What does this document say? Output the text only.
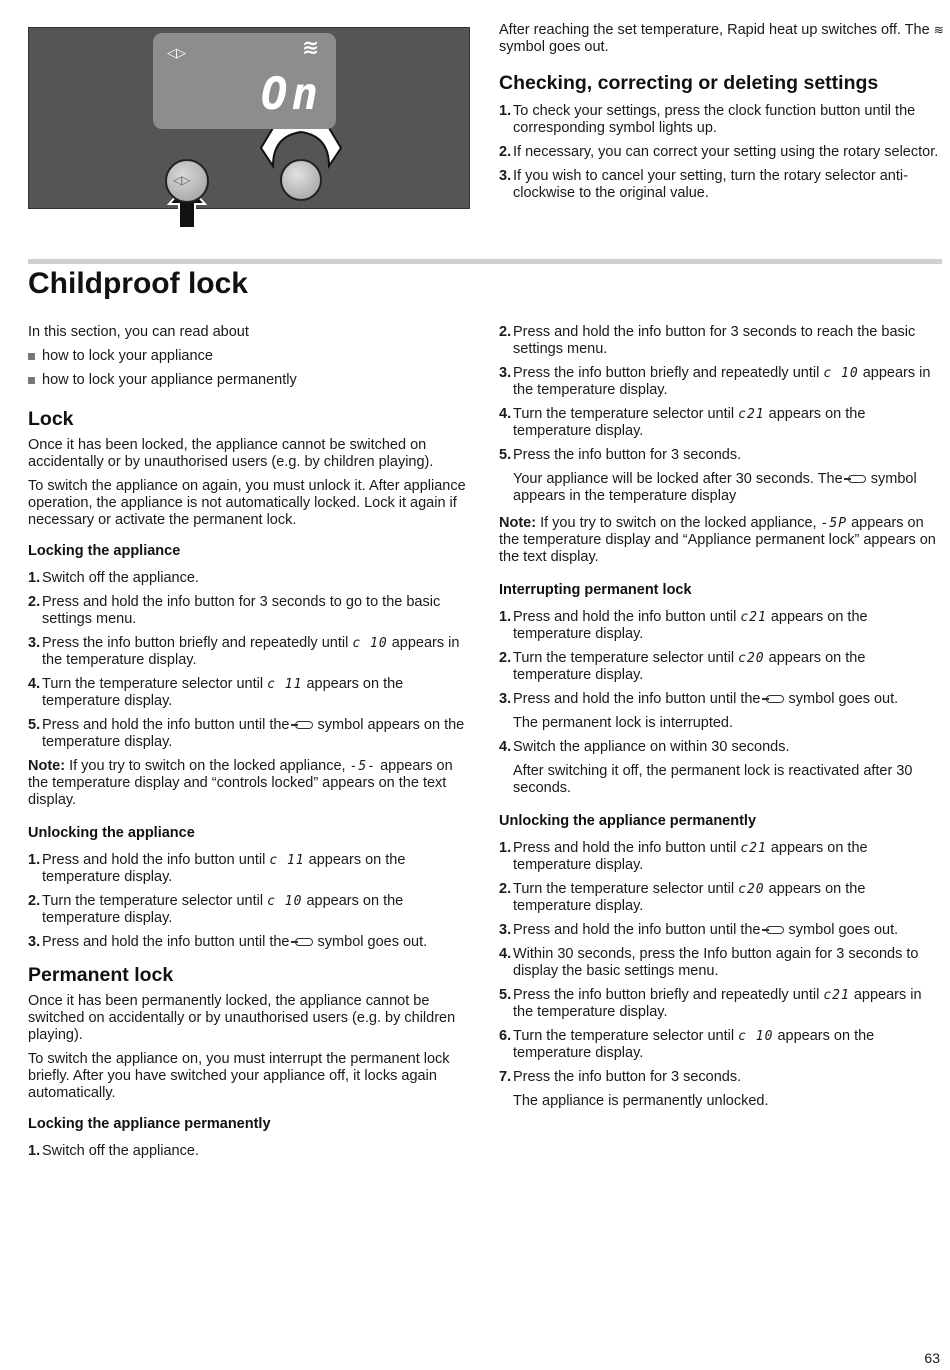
◁▷	≋
On
◁▷

After reaching the set temperature, Rapid heat up switches off. The ≋ symbol goes out.

Checking, correcting or deleting settings
1. To check your settings, press the clock function button until the corresponding symbol lights up.
2. If necessary, you can correct your setting using the rotary selector.
3. If you wish to cancel your setting, turn the rotary selector anti-clockwise to the original value.
Childproof lock

In this section, you can read about

how to lock your appliance
how to lock your appliance permanently
Lock

Once it has been locked, the appliance cannot be switched on accidentally or by unauthorised users (e.g. by children playing).

To switch the appliance on again, you must unlock it. After appliance operation, the appliance is not automatically locked. Lock it again if necessary or activate the permanent lock.

Locking the appliance
1. Switch off the appliance.
2. Press and hold the info button for 3 seconds to go to the basic settings menu.
3. Press the info button briefly and repeatedly until c 10 appears in the temperature display.
4. Turn the temperature selector until c 11 appears on the temperature display.
5. Press and hold the info button until the symbol appears on the temperature display.

Note: If you try to switch on the locked appliance, -5- appears on the temperature display and “controls locked” appears on the text display.

Unlocking the appliance
1. Press and hold the info button until c 11 appears on the temperature display.
2. Turn the temperature selector until c 10 appears on the temperature display.
3. Press and hold the info button until the symbol goes out.
Permanent lock

Once it has been permanently locked, the appliance cannot be switched on accidentally or by unauthorised users (e.g. by children playing).

To switch the appliance on, you must interrupt the permanent lock briefly. After you have switched your appliance off, it locks again automatically.

Locking the appliance permanently
1. Switch off the appliance.
2. Press and hold the info button for 3 seconds to reach the basic settings menu.
3. Press the info button briefly and repeatedly until c 10 appears in the temperature display.
4. Turn the temperature selector until c21 appears on the temperature display.
5. Press the info button for 3 seconds.

Your appliance will be locked after 30 seconds. The symbol appears in the temperature display

Note: If you try to switch on the locked appliance, -5P appears on the temperature display and “Appliance permanent lock” appears on the text display.

Interrupting permanent lock
1. Press and hold the info button until c21 appears on the temperature display.
2. Turn the temperature selector until c20 appears on the temperature display.
3. Press and hold the info button until the symbol goes out.

The permanent lock is interrupted.

4. Switch the appliance on within 30 seconds.

After switching it off, the permanent lock is reactivated after 30 seconds.

Unlocking the appliance permanently
1. Press and hold the info button until c21 appears on the temperature display.
2. Turn the temperature selector until c20 appears on the temperature display.
3. Press and hold the info button until the symbol goes out.
4. Within 30 seconds, press the Info button again for 3 seconds to display the basic settings menu.
5. Press the info button briefly and repeatedly until c21 appears in the temperature display.
6. Turn the temperature selector until c 10 appears on the temperature display.
7. Press the info button for 3 seconds.

The appliance is permanently unlocked.

63
